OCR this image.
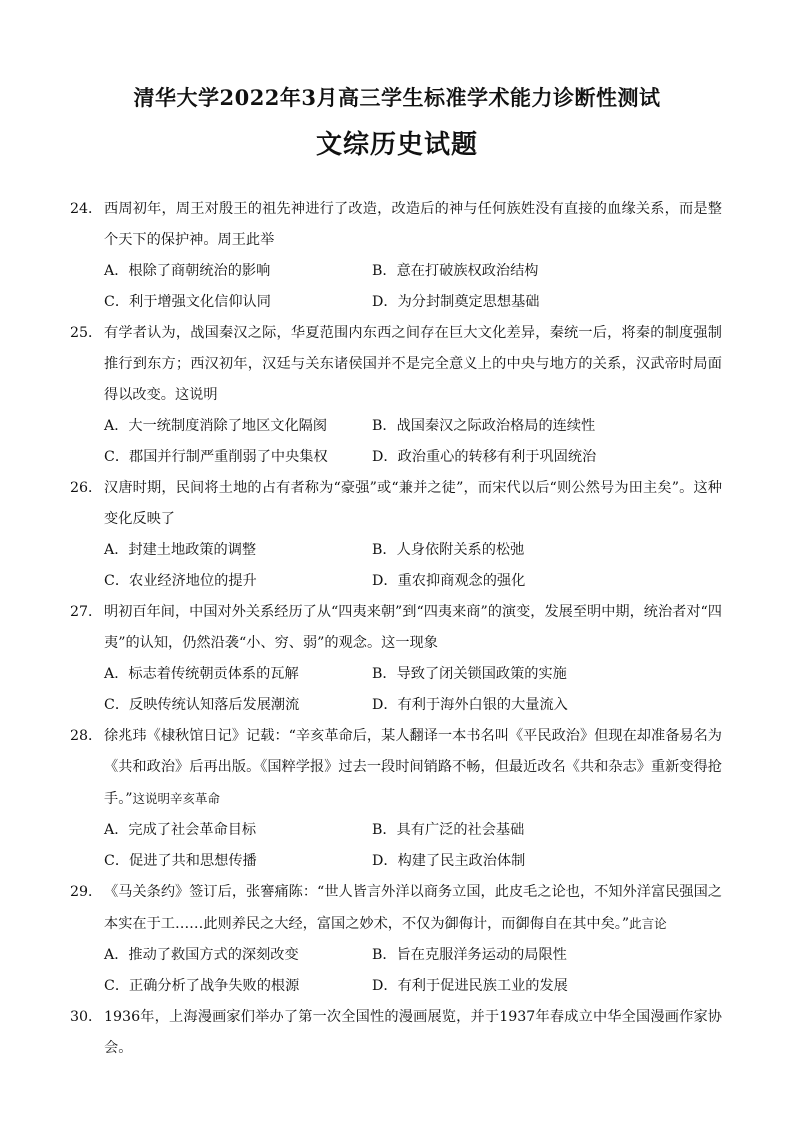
清华大学2022年3月高三学生标准学术能力诊断性测试
文综历史试题
24． 西周初年，周王对殷王的祖先神进行了改造，改造后的神与任何族姓没有直接的血缘关系，而是整个天下的保护神。周王此举
A．根除了商朝统治的影响	B．意在打破族权政治结构
C．利于增强文化信仰认同	D．为分封制奠定思想基础
25． 有学者认为，战国秦汉之际，华夏范围内东西之间存在巨大文化差异，秦统一后，将秦的制度强制推行到东方；西汉初年，汉廷与关东诸侯国并不是完全意义上的中央与地方的关系，汉武帝时局面得以改变。这说明
A．大一统制度消除了地区文化隔阂	B．战国秦汉之际政治格局的连续性
C．郡国并行制严重削弱了中央集权	D．政治重心的转移有利于巩固统治
26． 汉唐时期，民间将土地的占有者称为“豪强”或“兼并之徒”，而宋代以后“则公然号为田主矣”。这种变化反映了
A．封建土地政策的调整	B．人身依附关系的松弛
C．农业经济地位的提升	D．重农抑商观念的强化
27． 明初百年间，中国对外关系经历了从“四夷来朝”到“四夷来商”的演变，发展至明中期，统治者对“四夷”的认知，仍然沿袭“小、穷、弱”的观念。这一现象
A．标志着传统朝贡体系的瓦解	B．导致了闭关锁国政策的实施
C．反映传统认知落后发展潮流	D．有利于海外白银的大量流入
28． 徐兆玮《棣秋馆日记》记载：“辛亥革命后，某人翻译一本书名叫《平民政治》但现在却准备易名为《共和政治》后再出版。《国粹学报》过去一段时间销路不畅，但最近改名《共和杂志》重新变得抢手。”这说明辛亥革命
A．完成了社会革命目标	B．具有广泛的社会基础
C．促进了共和思想传播	D．构建了民主政治体制
29． 《马关条约》签订后，张謇痛陈：“世人皆言外洋以商务立国，此皮毛之论也，不知外洋富民强国之本实在于工……此则养民之大经，富国之妙术，不仅为御侮计，而御侮自在其中矣。”此言论
A．推动了救国方式的深刻改变	B．旨在克服洋务运动的局限性
C．正确分析了战争失败的根源	D．有利于促进民族工业的发展
30． 1936年，上海漫画家们举办了第一次全国性的漫画展览，并于1937年春成立中华全国漫画作家协会。
